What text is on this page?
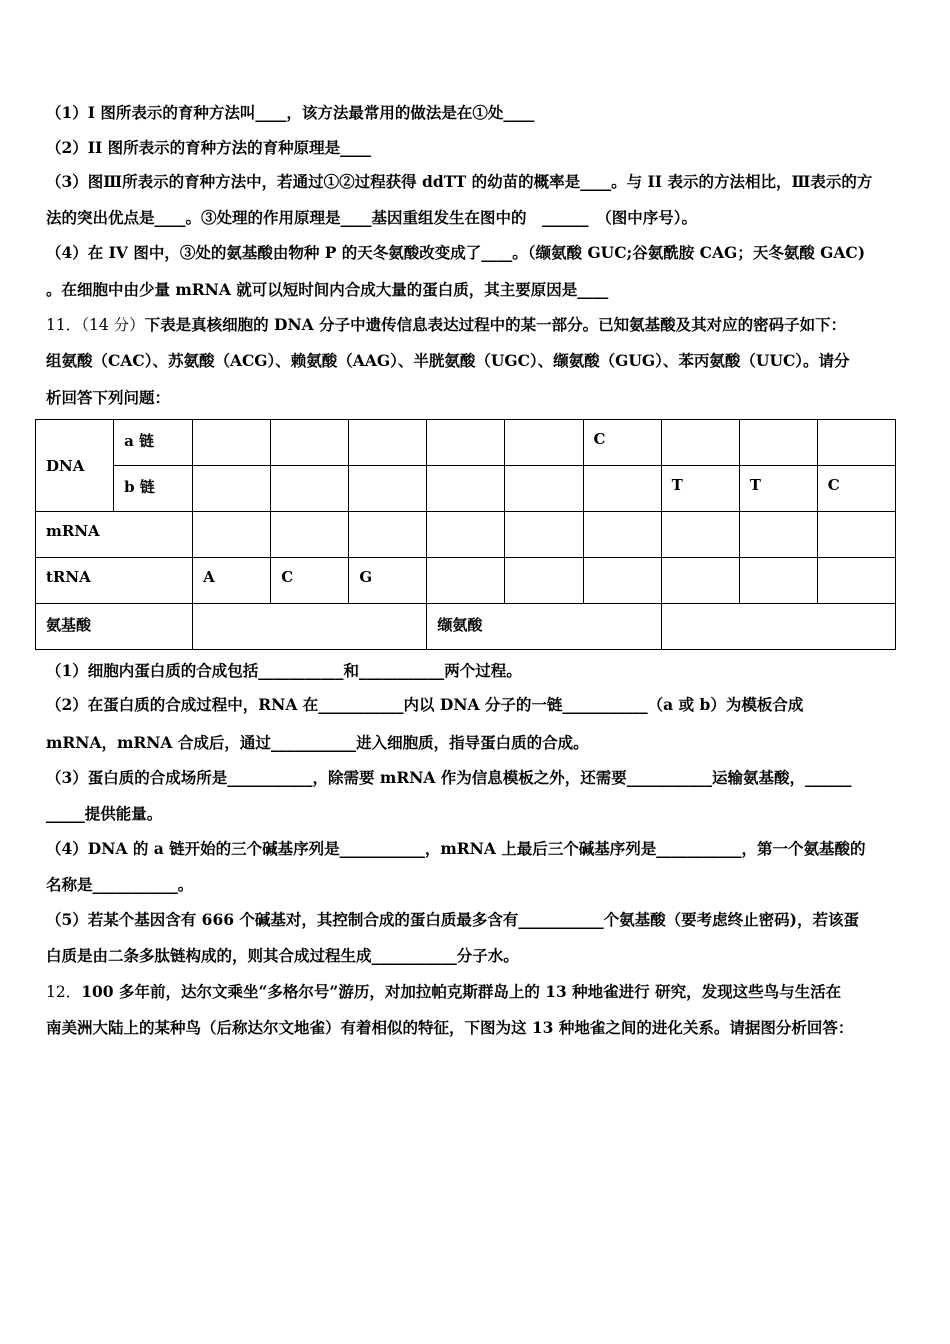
（1）I 图所表示的育种方法叫____，该方法最常用的做法是在①处____
（2）II 图所表示的育种方法的育种原理是____
（3）图Ⅲ所表示的育种方法中，若通过①②过程获得 ddTT 的幼苗的概率是____。与 II 表示的方法相比，Ⅲ表示的方
法的突出优点是____。③处理的作用原理是____基因重组发生在图中的　______　（图中序号）。
（4）在 IV 图中，③处的氨基酸由物种 P 的天冬氨酸改变成了____。（缬氨酸 GUC;谷氨酰胺 CAG；天冬氨酸 GAC)
。在细胞中由少量 mRNA 就可以短时间内合成大量的蛋白质，其主要原因是____
11．（14 分）下表是真核细胞的 DNA 分子中遗传信息表达过程中的某一部分。已知氨基酸及其对应的密码子如下：
组氨酸（CAC）、苏氨酸（ACG）、赖氨酸（AAG）、半胱氨酸（UGC）、缬氨酸（GUG）、苯丙氨酸（UUC）。请分
析回答下列问题：
DNA	a 链						C			
	b 链							T	T	C
mRNA										
tRNA		A	C	G						
氨基酸					缬氨酸					
（1）细胞内蛋白质的合成包括___________和___________两个过程。
（2）在蛋白质的合成过程中，RNA 在___________内以 DNA 分子的一链___________（a 或 b）为模板合成
mRNA，mRNA 合成后，通过___________进入细胞质，指导蛋白质的合成。
（3）蛋白质的合成场所是___________，除需要 mRNA 作为信息模板之外，还需要___________运输氨基酸，______
_____提供能量。
（4）DNA 的 a 链开始的三个碱基序列是___________，mRNA 上最后三个碱基序列是___________，第一个氨基酸的
名称是___________。
（5）若某个基因含有 666 个碱基对，其控制合成的蛋白质最多含有___________个氨基酸（要考虑终止密码)，若该蛋
白质是由二条多肽链构成的，则其合成过程生成___________分子水。
12．100 多年前，达尔文乘坐“多格尔号”游历，对加拉帕克斯群岛上的 13 种地雀进行 研究，发现这些鸟与生活在
南美洲大陆上的某种鸟（后称达尔文地雀）有着相似的特征，下图为这 13 种地雀之间的进化关系。请据图分析回答：
